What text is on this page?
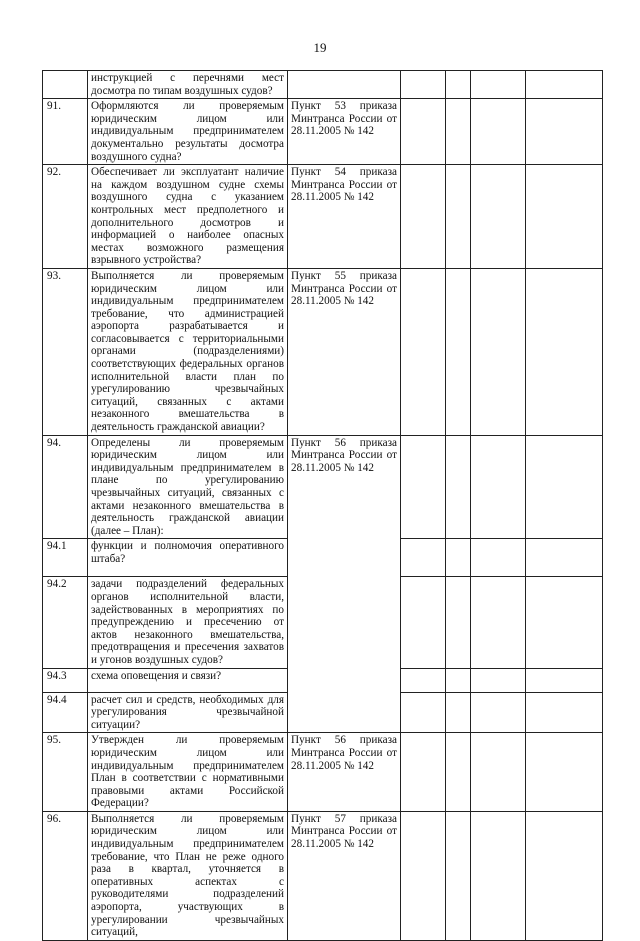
19
	инструкцией с перечнями мест досмотра по типам воздушных судов?					
91.	Оформляются ли проверяемым юридическим лицом или индивидуальным предпринимателем документально результаты досмотра воздушного судна?	Пункт 53 приказа Минтранса России от 28.11.2005 № 142				
92.	Обеспечивает ли эксплуатант наличие на каждом воздушном судне схемы воздушного судна с указанием контрольных мест предполетного и дополнительного досмотров и информацией о наиболее опасных местах возможного размещения взрывного устройства?	Пункт 54 приказа Минтранса России от 28.11.2005 № 142				
93.	Выполняется ли проверяемым юридическим лицом или индивидуальным предпринимателем требование, что администрацией аэропорта разрабатывается и согласовывается с территориальными органами (подразделениями) соответствующих федеральных органов исполнительной власти план по урегулированию чрезвычайных ситуаций, связанных с актами незаконного вмешательства в деятельность гражданской авиации?	Пункт 55 приказа Минтранса России от 28.11.2005 № 142				
94.	Определены ли проверяемым юридическим лицом или индивидуальным предпринимателем в плане по урегулированию чрезвычайных ситуаций, связанных с актами незаконного вмешательства в деятельность гражданской авиации (далее – План):	Пункт 56 приказа Минтранса России от 28.11.2005 № 142				
94.1	функции и полномочия оперативного штаба?					
94.2	задачи подразделений федеральных органов исполнительной власти, задействованных в мероприятиях по предупреждению и пресечению от актов незаконного вмешательства, предотвращения и пресечения захватов и угонов воздушных судов?					
94.3	схема оповещения и связи?					
94.4	расчет сил и средств, необходимых для урегулирования чрезвычайной ситуации?					
95.	Утвержден ли проверяемым юридическим лицом или индивидуальным предпринимателем План в соответствии с нормативными правовыми актами Российской Федерации?	Пункт 56 приказа Минтранса России от 28.11.2005 № 142				
96.	Выполняется ли проверяемым юридическим лицом или индивидуальным предпринимателем требование, что План не реже одного раза в квартал, уточняется в оперативных аспектах с руководителями подразделений аэропорта, участвующих в урегулировании чрезвычайных ситуаций,	Пункт 57 приказа Минтранса России от 28.11.2005 № 142				
